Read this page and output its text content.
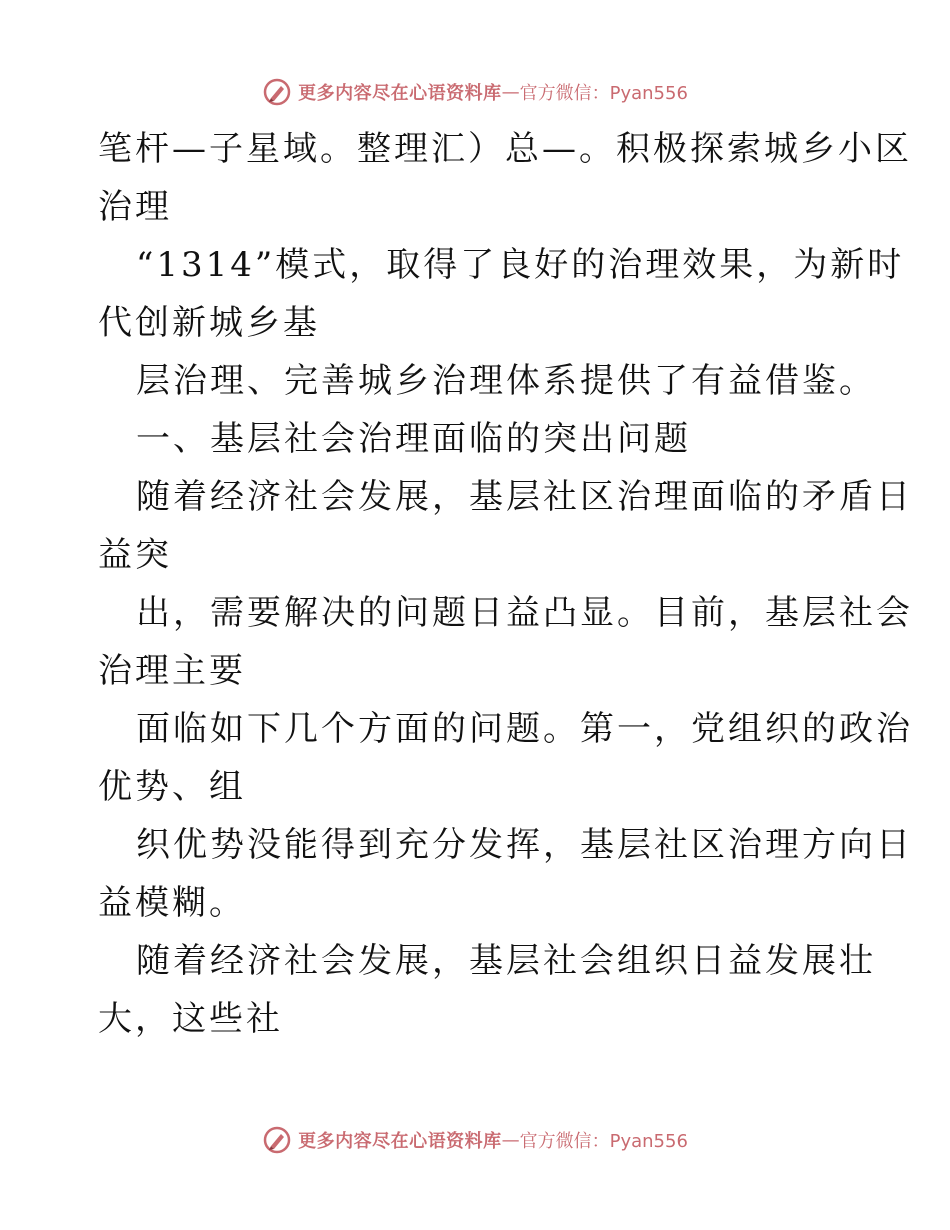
更多内容尽在心语资料库 — 官方微信：Pyan556
笔杆—子星域。整理汇）总—。积极探索城乡小区
治理
“1314”模式，取得了良好的治理效果，为新时
代创新城乡基
层治理、完善城乡治理体系提供了有益借鉴。
一、基层社会治理面临的突出问题
随着经济社会发展，基层社区治理面临的矛盾日
益突
出，需要解决的问题日益凸显。目前，基层社会
治理主要
面临如下几个方面的问题。第一，党组织的政治
优势、组
织优势没能得到充分发挥，基层社区治理方向日
益模糊。
随着经济社会发展，基层社会组织日益发展壮
大，这些社
更多内容尽在心语资料库 — 官方微信：Pyan556
